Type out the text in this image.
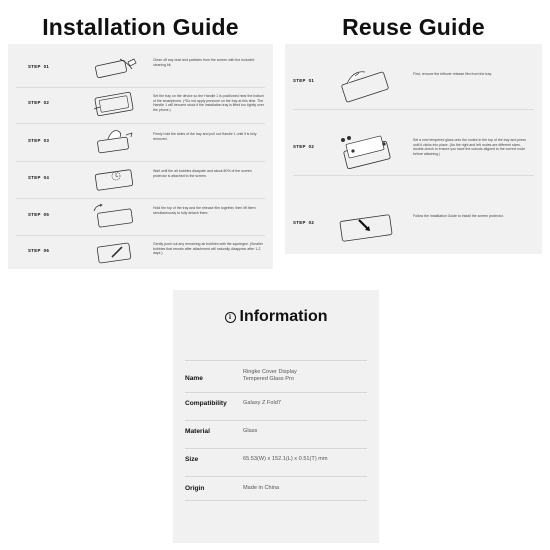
Installation Guide	Reuse Guide
STEP 01
Clean off any dust and particles from the screen with the included cleaning kit.
STEP 02
Set the tray on the device so the Handle 1 is positioned near the bottom of the smartphone. (*Do not apply pressure on the tray at this time. The Handle 1 will become stuck if the installation tray is lifted too tightly over the phone.)
STEP 03
Firmly hold the sides of the tray and pull out Handle 1 until it is fully removed.
STEP 04
Wait until the air bubbles dissipate and about 80% of the screen protector is attached to the screen.
STEP 05
Hold the top of the tray and the release film together, then lift them simultaneously to fully detach them.
STEP 06
Gently push out any remaining air bubbles with the squeegee. (Smaller bubbles that remain after attachment will naturally disappear after 1-2 days.)
STEP 01
First, remove the leftover release film from the tray.
STEP 02
Set a new tempered glass onto the nodes in the top of the tray and press until it clicks into place. (As the right and left nodes are different sizes, double-check to ensure you have the cutouts aligned to the correct node before attaching.)
STEP 02
Follow the Installation Guide to install the screen protector.
i Information
Name
Ringke Cover Display
Tempered Glass Pro
Compatibility	Galaxy Z Fold7
Material	Glass
Size	65.53(W) x 152.1(L) x 0.51(T) mm
Origin	Made in China
